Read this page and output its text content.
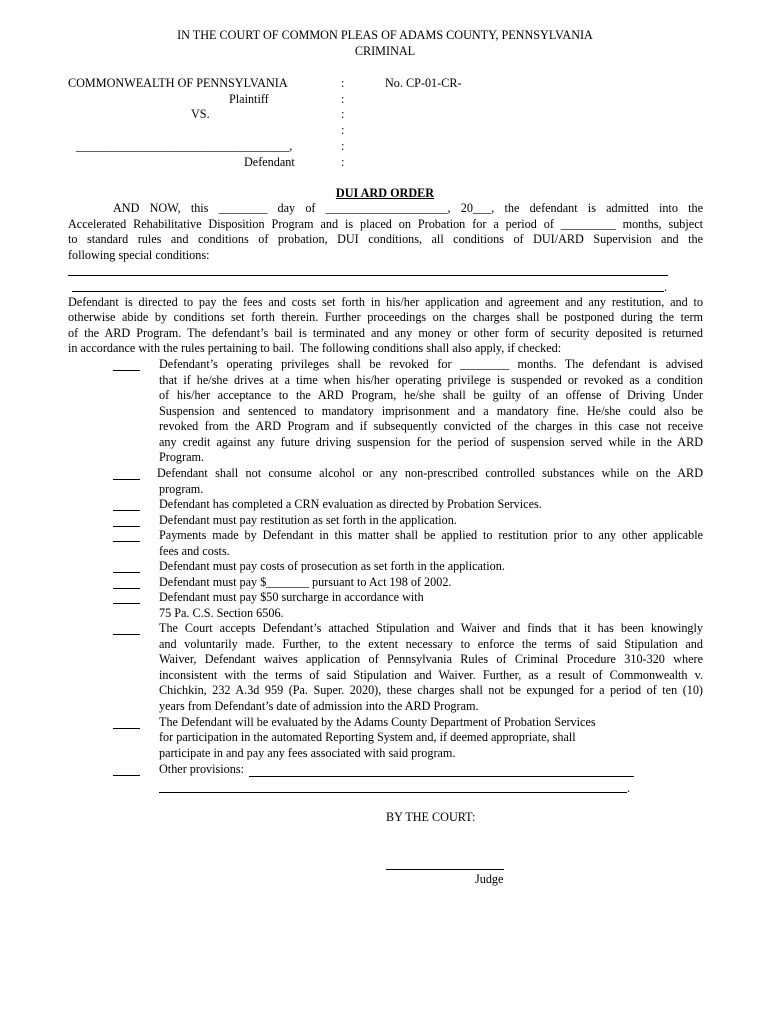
IN THE COURT OF COMMON PLEAS OF ADAMS COUNTY, PENNSYLVANIA
CRIMINAL
COMMONWEALTH OF PENNSYLVANIA
Plaintiff
VS.
___________________________________,
Defendant
:
:
:
:
:
:
No. CP-01-CR-
DUI ARD ORDER
AND NOW, this ________ day of ____________________, 20___, the defendant is admitted into the
Accelerated Rehabilitative Disposition Program and is placed on Probation for a period of _________ months, subject
to standard rules and conditions of probation, DUI conditions, all conditions of DUI/ARD Supervision and the
following special conditions:
.
Defendant is directed to pay the fees and costs set forth in his/her application and agreement and any restitution, and to
otherwise abide by conditions set forth therein. Further proceedings on the charges shall be postponed during the term
of the ARD Program. The defendant’s bail is terminated and any money or other form of security deposited is returned
in accordance with the rules pertaining to bail.  The following conditions shall also apply, if checked:
Defendant’s operating privileges shall be revoked for ________ months. The defendant is advised
that if he/she drives at a time when his/her operating privilege is suspended or revoked as a condition
of his/her acceptance to the ARD Program, he/she shall be guilty of an offense of Driving Under
Suspension and sentenced to mandatory imprisonment and a mandatory fine. He/she could also be
revoked from the ARD Program and if subsequently convicted of the charges in this case not receive
any credit against any future driving suspension for the period of suspension served while in the ARD
Program.
Defendant shall not consume alcohol or any non-prescribed controlled substances while on the ARD
program.
Defendant has completed a CRN evaluation as directed by Probation Services.
Defendant must pay restitution as set forth in the application.
Payments made by Defendant in this matter shall be applied to restitution prior to any other applicable
fees and costs.
Defendant must pay costs of prosecution as set forth in the application.
Defendant must pay $_______ pursuant to Act 198 of 2002.
Defendant must pay $50 surcharge in accordance with
75 Pa. C.S. Section 6506.
The Court accepts Defendant’s attached Stipulation and Waiver and finds that it has been knowingly
and voluntarily made. Further, to the extent necessary to enforce the terms of said Stipulation and
Waiver, Defendant waives application of Pennsylvania Rules of Criminal Procedure 310-320 where
inconsistent with the terms of said Stipulation and Waiver. Further, as a result of Commonwealth v.
Chichkin, 232 A.3d 959 (Pa. Super. 2020), these charges shall not be expunged for a period of ten (10)
years from Defendant’s date of admission into the ARD Program.
The Defendant will be evaluated by the Adams County Department of Probation Services
for participation in the automated Reporting System and, if deemed appropriate, shall
participate in and pay any fees associated with said program.
Other provisions:
.
BY THE COURT:
Judge
